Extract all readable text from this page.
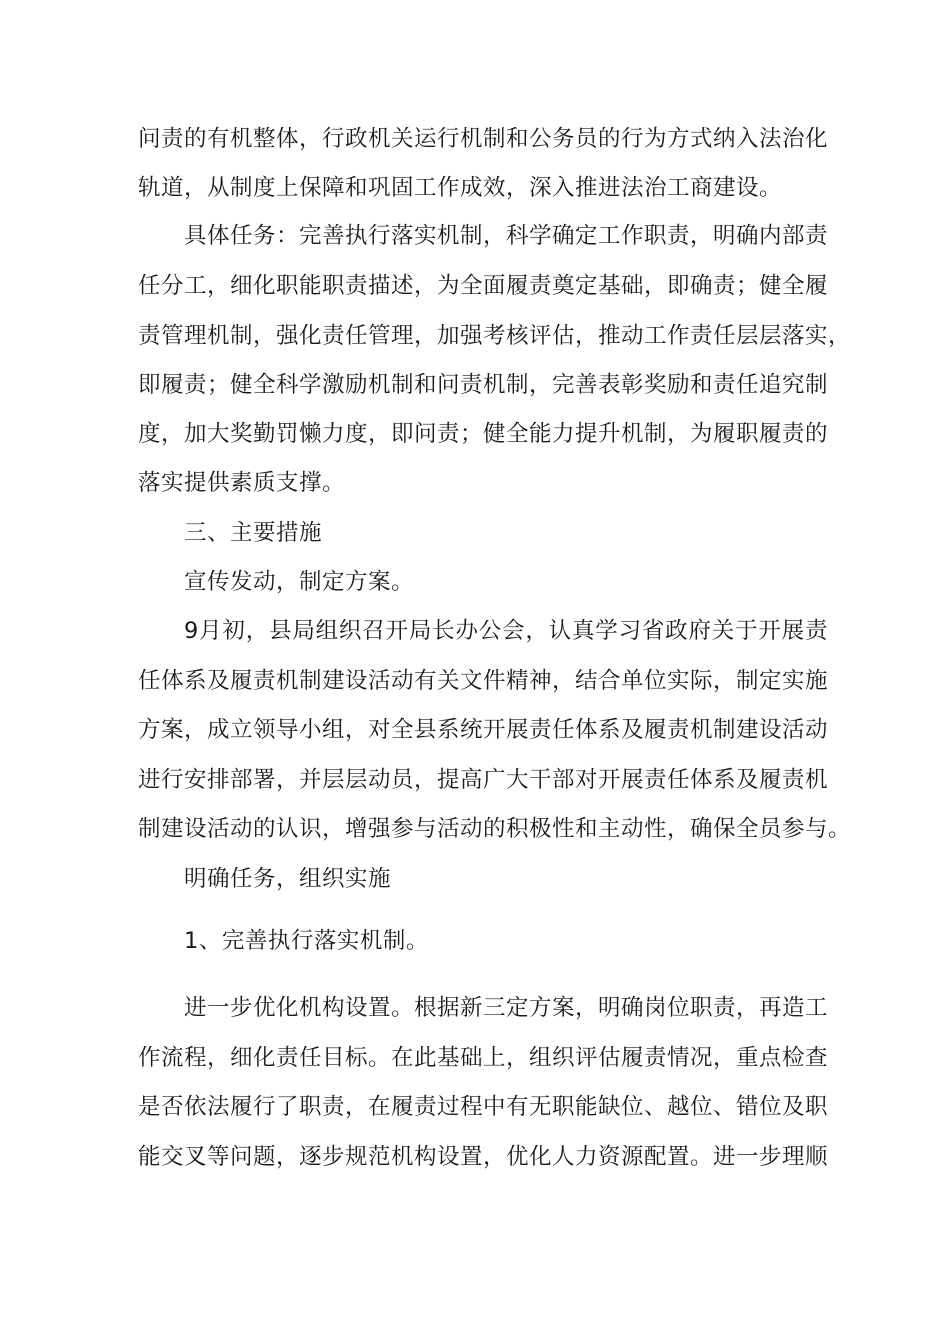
问责的有机整体，行政机关运行机制和公务员的行为方式纳入法治化
轨道，从制度上保障和巩固工作成效，深入推进法治工商建设。
具体任务：完善执行落实机制，科学确定工作职责，明确内部责
任分工，细化职能职责描述，为全面履责奠定基础，即确责；健全履
责管理机制，强化责任管理，加强考核评估，推动工作责任层层落实，
即履责；健全科学激励机制和问责机制，完善表彰奖励和责任追究制
度，加大奖勤罚懒力度，即问责；健全能力提升机制，为履职履责的
落实提供素质支撑。
三、主要措施
宣传发动，制定方案。
9月初，县局组织召开局长办公会，认真学习省政府关于开展责
任体系及履责机制建设活动有关文件精神，结合单位实际，制定实施
方案，成立领导小组，对全县系统开展责任体系及履责机制建设活动
进行安排部署，并层层动员，提高广大干部对开展责任体系及履责机
制建设活动的认识，增强参与活动的积极性和主动性，确保全员参与。
明确任务，组织实施
1、完善执行落实机制。
进一步优化机构设置。根据新三定方案，明确岗位职责，再造工
作流程，细化责任目标。在此基础上，组织评估履责情况，重点检查
是否依法履行了职责，在履责过程中有无职能缺位、越位、错位及职
能交叉等问题，逐步规范机构设置，优化人力资源配置。进一步理顺
